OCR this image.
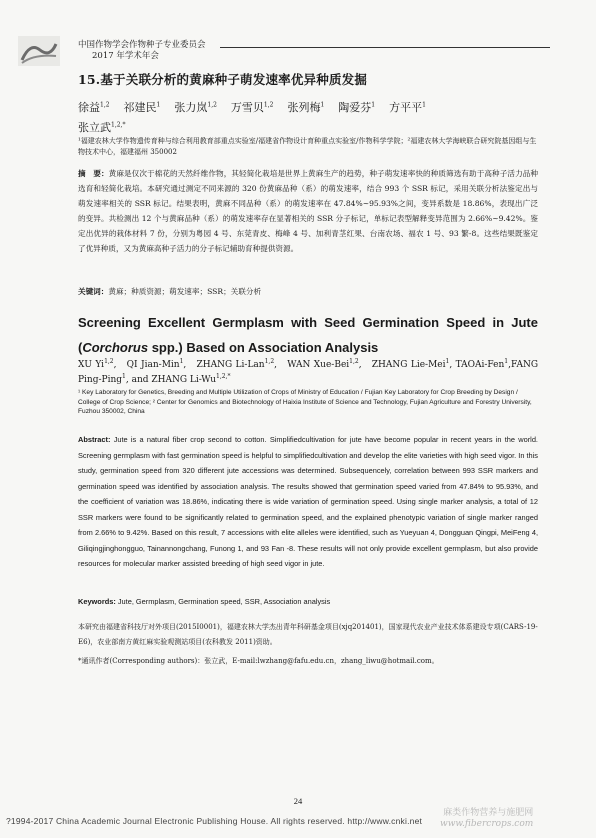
中国作物学会作物种子专业委员会
2017 年学术年会
15.基于关联分析的黄麻种子萌发速率优异种质发掘
徐益$^{1,2}$ 祁建民$^1$ 张力岚$^{1,2}$ 万雪贝$^{1,2}$ 张列梅$^1$ 陶爱芬$^1$ 方平平$^1$
张立武$^{1,2,*}$
¹福建农林大学作物遗传育种与综合利用教育部重点实验室/福建省作物设计育种重点实验室/作物科学学院；²福建农林大学海峡联合研究院基因组与生物技术中心，福建福州 350002
摘　要：黄麻是仅次于棉花的天然纤维作物，其轻简化栽培是世界上黄麻生产的趋势，种子萌发速率快的种质筛选有助于高种子活力品种选育和轻简化栽培。本研究通过测定不同来源的 320 份黄麻品种（系）的萌发速率，结合 993 个 SSR 标记，采用关联分析法鉴定出与萌发速率相关的 SSR 标记。结果表明，黄麻不同品种（系）的萌发速率在 47.84%~95.93%之间，变异系数是 18.86%，表现出广泛的变异。共检测出 12 个与黄麻品种（系）的萌发速率存在显著相关的 SSR 分子标记，单标记表型解释变异范围为 2.66%~9.42%。鉴定出优异的栽体材料 7 份，分别为粤园 4 号、东莞青皮、梅峰 4 号、加利青茎红果、台南农场、福农 1 号、93 繁-8。这些结果既鉴定了优异种质，又为黄麻高种子活力的分子标记辅助育种提供资源。
关键词：黄麻；种质资源；萌发速率；SSR；关联分析
Screening Excellent Germplasm with Seed Germination Speed in Jute (Corchorus spp.) Based on Association Analysis
XU Yi$^{1,2}$,   QI Jian-Min$^1$,   ZHANG Li-Lan$^{1,2}$,   WAN Xue-Bei$^{1,2}$,   ZHANG Lie-Mei$^1$, TAOAi-Fen$^1$,FANG Ping-Ping$^1$, and ZHANG $Li-Wu^{1,2,*}$
¹ Key Laboratory for Genetics, Breeding and Multiple Utilization of Crops of Ministry of Education / Fujian Key Laboratory for Crop Breeding by Design / College of Crop Science; ² Center for Genomics and Biotechnology of Haixia Institute of Science and Technology, Fujian Agriculture and Forestry University, Fuzhou 350002, China
Abstract: Jute is a natural fiber crop second to cotton. Simplifiedcultivation for jute have become popular in recent years in the world. Screening germplasm with fast germination speed is helpful to simplifiedcultivation and develop the elite varieties with high seed vigor. In this study, germination speed from 320 different jute accessions was determined. Subsequencely, correlation between 993 SSR markers and germination speed was identified by association analysis. The results showed that germination speed varied from 47.84% to 95.93%, and the coefficient of variation was 18.86%, indicating there is wide variation of germination speed. Using single marker analysis, a total of 12 SSR markers were found to be significantly related to germination speed, and the explained phenotypic variation of single marker ranged from 2.66% to 9.42%. Based on this result, 7 accessions with elite alleles were identified, such as Yueyuan 4, Dongguan Qingpi, MeiFeng 4, Giliqingjinghongguo, Tainannongchang, Funong 1, and 93 Fan -8. These results will not only provide excellent germplasm, but also provide resources for molecular marker assisted breeding of high seed vigor in jute.
Keywords: Jute, Germplasm, Germination speed, SSR, Association analysis
本研究由福建省科技厅对外项目(2015I0001)，福建农林大学杰出青年科研基金项目(xjq201401)，国家现代农业产业技术体系建设专项(CARS-19-E6)，农业部南方黄红麻实验观测站项目(农科教发 2011)资助。
*通讯作者(Corresponding authors)：张立武，E-mail:lwzhang@fafu.edu.cn，zhang_liwu@hotmail.com。
24
?1994-2017 China Academic Journal Electronic Publishing House. All rights reserved. http://www.cnki.net
麻类作物营养与施肥网
www.fibercrops.com
